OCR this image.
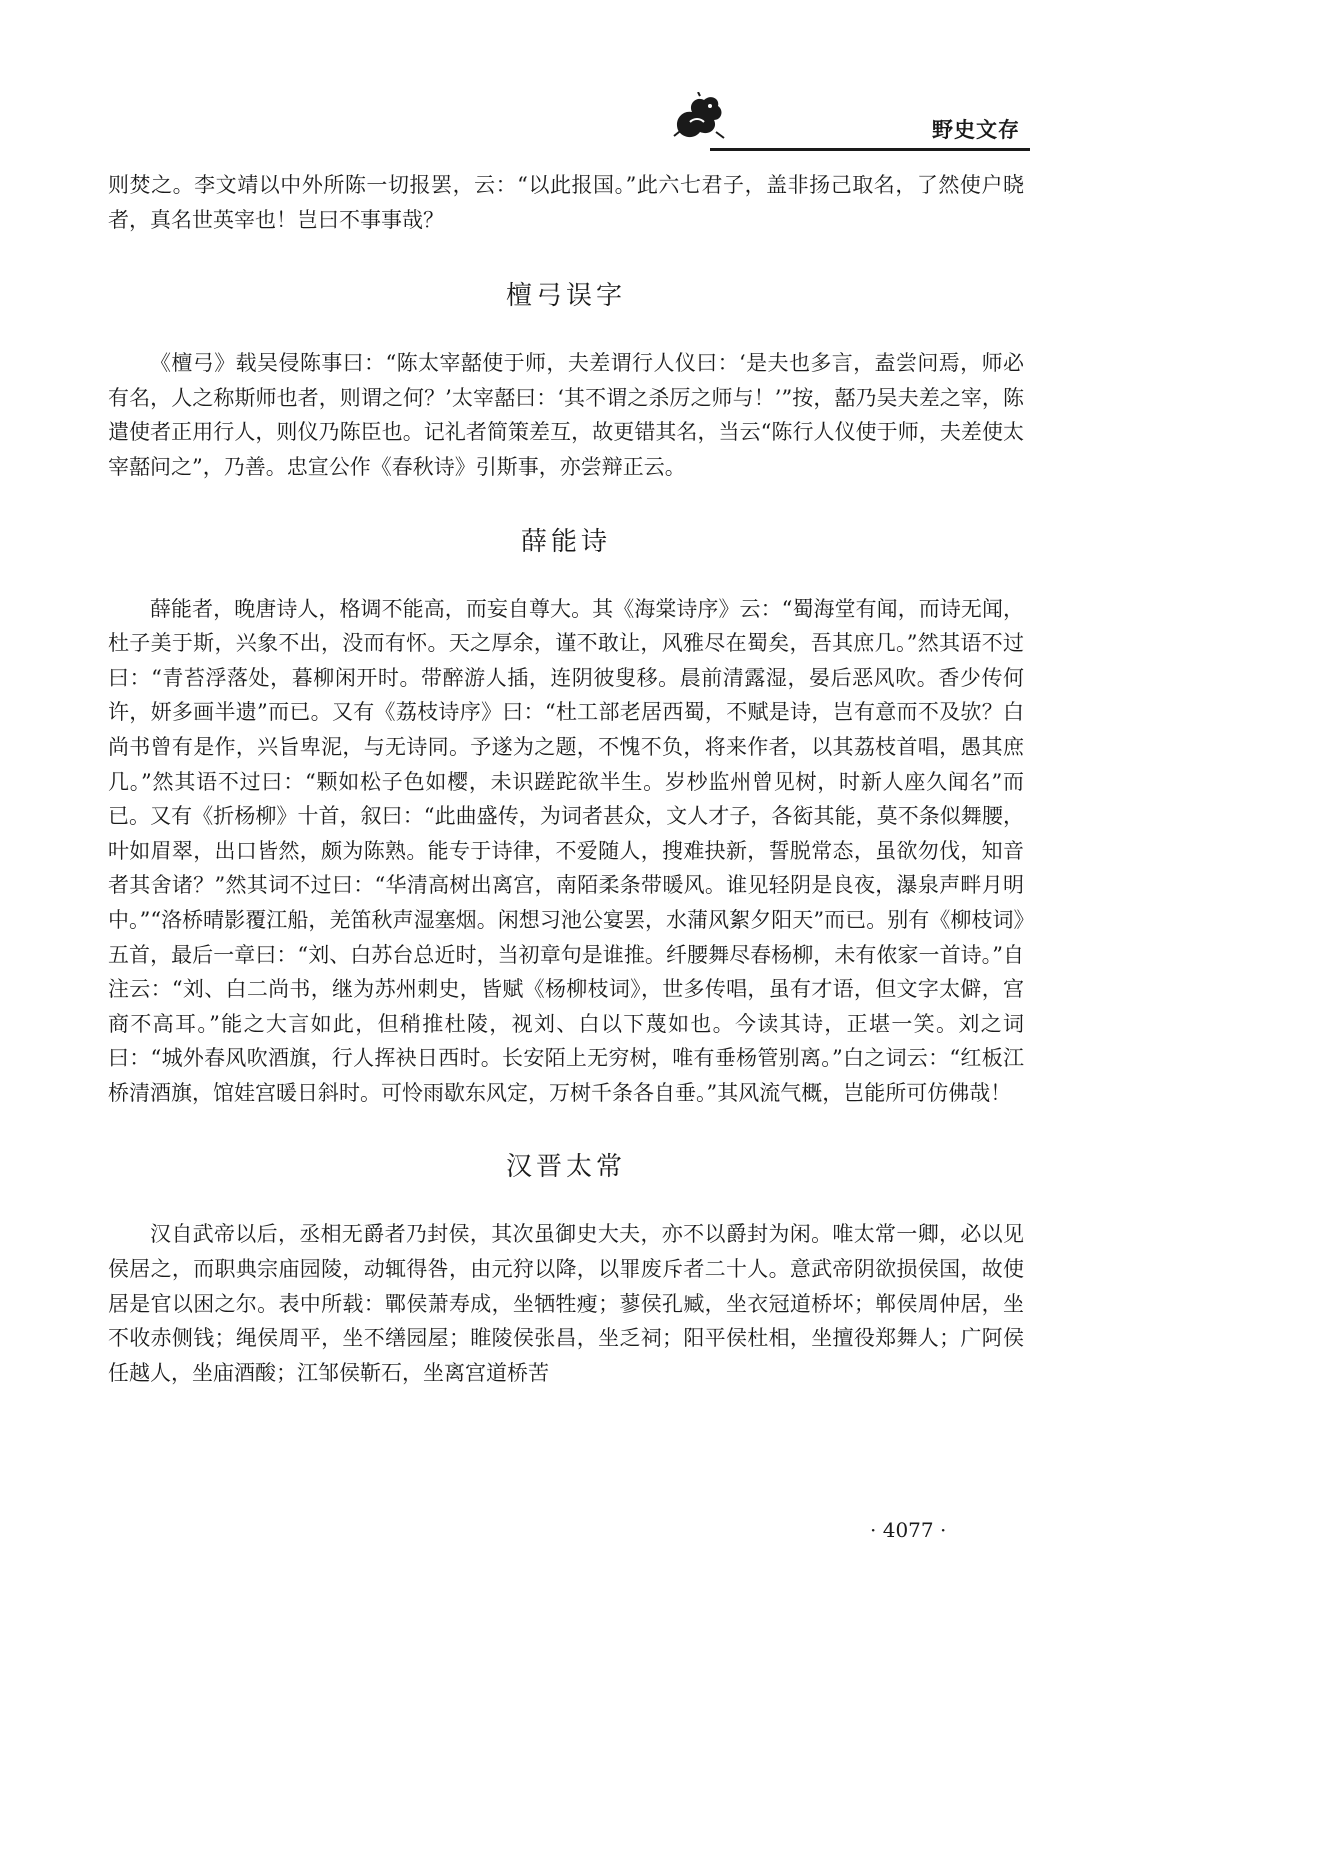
野史文存

则焚之。李文靖以中外所陈一切报罢，云：“以此报国。”此六七君子，盖非扬己取名，了然使户晓者，真名世英宰也！岂曰不事事哉？

檀弓误字

《檀弓》载吴侵陈事曰：“陈太宰嚭使于师，夫差谓行人仪曰：‘是夫也多言，盍尝问焉，师必有名，人之称斯师也者，则谓之何？’太宰嚭曰：‘其不谓之杀厉之师与！’”按，嚭乃吴夫差之宰，陈遣使者正用行人，则仪乃陈臣也。记礼者简策差互，故更错其名，当云“陈行人仪使于师，夫差使太宰嚭问之”，乃善。忠宣公作《春秋诗》引斯事，亦尝辩正云。

薛能诗

薛能者，晚唐诗人，格调不能高，而妄自尊大。其《海棠诗序》云：“蜀海堂有闻，而诗无闻，杜子美于斯，兴象不出，没而有怀。天之厚余，谨不敢让，风雅尽在蜀矣，吾其庶几。”然其语不过曰：“青苔浮落处，暮柳闲开时。带醉游人插，连阴彼叟移。晨前清露湿，晏后恶风吹。香少传何许，妍多画半遗”而已。又有《荔枝诗序》曰：“杜工部老居西蜀，不赋是诗，岂有意而不及欤？白尚书曾有是作，兴旨卑泥，与无诗同。予遂为之题，不愧不负，将来作者，以其荔枝首唱，愚其庶几。”然其语不过曰：“颗如松子色如樱，未识蹉跎欲半生。岁杪监州曾见树，时新人座久闻名”而已。又有《折杨柳》十首，叙曰：“此曲盛传，为词者甚众，文人才子，各衒其能，莫不条似舞腰，叶如眉翠，出口皆然，颇为陈熟。能专于诗律，不爱随人，搜难抉新，誓脱常态，虽欲勿伐，知音者其舍诸？”然其词不过曰：“华清高树出离宫，南陌柔条带暖风。谁见轻阴是良夜，瀑泉声畔月明中。”“洛桥晴影覆江船，羌笛秋声湿塞烟。闲想习池公宴罢，水蒲风絮夕阳天”而已。别有《柳枝词》五首，最后一章曰：“刘、白苏台总近时，当初章句是谁推。纤腰舞尽春杨柳，未有侬家一首诗。”自注云：“刘、白二尚书，继为苏州刺史，皆赋《杨柳枝词》，世多传唱，虽有才语，但文字太僻，宫商不高耳。”能之大言如此，但稍推杜陵，视刘、白以下蔑如也。今读其诗，正堪一笑。刘之词曰：“城外春风吹酒旗，行人挥袂日西时。长安陌上无穷树，唯有垂杨管别离。”白之词云：“红板江桥清酒旗，馆娃宫暖日斜时。可怜雨歇东风定，万树千条各自垂。”其风流气概，岂能所可仿佛哉！

汉晋太常

汉自武帝以后，丞相无爵者乃封侯，其次虽御史大夫，亦不以爵封为闲。唯太常一卿，必以见侯居之，而职典宗庙园陵，动辄得咎，由元狩以降，以罪废斥者二十人。意武帝阴欲损侯国，故使居是官以困之尔。表中所载：鄲侯萧寿成，坐牺牲瘦；蓼侯孔臧，坐衣冠道桥坏；郸侯周仲居，坐不收赤侧钱；绳侯周平，坐不缮园屋；睢陵侯张昌，坐乏祠；阳平侯杜相，坐擅役郑舞人；广阿侯任越人，坐庙酒酸；江邹侯靳石，坐离宫道桥苦

· 4077 ·
